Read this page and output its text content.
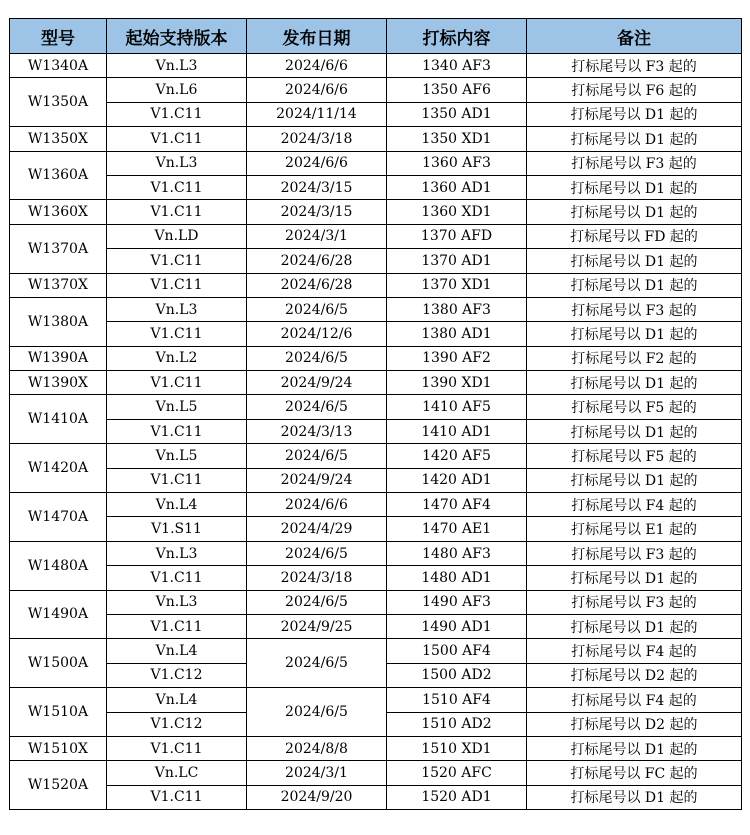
型号	起始支持版本	发布日期	打标内容	备注
W1340A	Vn.L3	2024/6/6	1340 AF3	打标尾号以 F3 起的
W1350A	Vn.L6	2024/6/6	1350 AF6	打标尾号以 F6 起的
	V1.C11	2024/11/14	1350 AD1	打标尾号以 D1 起的
W1350X	V1.C11	2024/3/18	1350 XD1	打标尾号以 D1 起的
W1360A	Vn.L3	2024/6/6	1360 AF3	打标尾号以 F3 起的
	V1.C11	2024/3/15	1360 AD1	打标尾号以 D1 起的
W1360X	V1.C11	2024/3/15	1360 XD1	打标尾号以 D1 起的
W1370A	Vn.LD	2024/3/1	1370 AFD	打标尾号以 FD 起的
	V1.C11	2024/6/28	1370 AD1	打标尾号以 D1 起的
W1370X	V1.C11	2024/6/28	1370 XD1	打标尾号以 D1 起的
W1380A	Vn.L3	2024/6/5	1380 AF3	打标尾号以 F3 起的
	V1.C11	2024/12/6	1380 AD1	打标尾号以 D1 起的
W1390A	Vn.L2	2024/6/5	1390 AF2	打标尾号以 F2 起的
W1390X	V1.C11	2024/9/24	1390 XD1	打标尾号以 D1 起的
W1410A	Vn.L5	2024/6/5	1410 AF5	打标尾号以 F5 起的
	V1.C11	2024/3/13	1410 AD1	打标尾号以 D1 起的
W1420A	Vn.L5	2024/6/5	1420 AF5	打标尾号以 F5 起的
	V1.C11	2024/9/24	1420 AD1	打标尾号以 D1 起的
W1470A	Vn.L4	2024/6/6	1470 AF4	打标尾号以 F4 起的
	V1.S11	2024/4/29	1470 AE1	打标尾号以 E1 起的
W1480A	Vn.L3	2024/6/5	1480 AF3	打标尾号以 F3 起的
	V1.C11	2024/3/18	1480 AD1	打标尾号以 D1 起的
W1490A	Vn.L3	2024/6/5	1490 AF3	打标尾号以 F3 起的
	V1.C11	2024/9/25	1490 AD1	打标尾号以 D1 起的
W1500A	Vn.L4	2024/6/5	1500 AF4	打标尾号以 F4 起的
	V1.C12		1500 AD2	打标尾号以 D2 起的
W1510A	Vn.L4	2024/6/5	1510 AF4	打标尾号以 F4 起的
	V1.C12		1510 AD2	打标尾号以 D2 起的
W1510X	V1.C11	2024/8/8	1510 XD1	打标尾号以 D1 起的
W1520A	Vn.LC	2024/3/1	1520 AFC	打标尾号以 FC 起的
	V1.C11	2024/9/20	1520 AD1	打标尾号以 D1 起的
